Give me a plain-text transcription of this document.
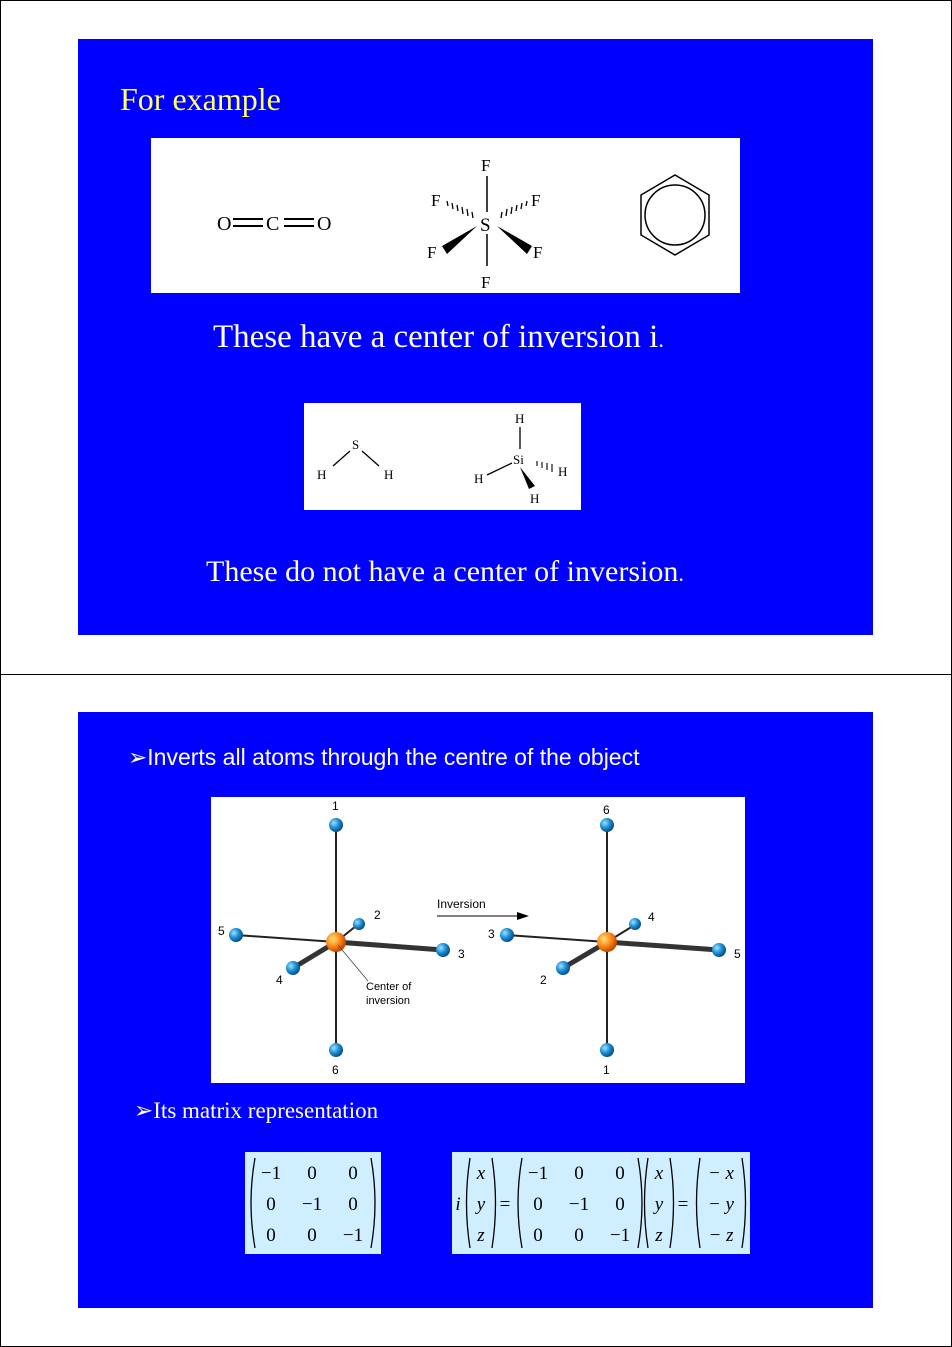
For example
O C O
F
S
F
F	F
F	F
These have a center of inversion i.
S
H	H
H
Si
H	H
H
These do not have a center of inversion.
➢Inverts all atoms through the centre of the object
1
6
5
3
2
4	Center of
inversion
Inversion
6
1
3
5
4
2
➢Its matrix representation
−1 0 0
0 −1 0
0 0 −1
i
x
y
z
=
−1 0 0
0 −1 0
0 0 −1
x
y
z
=
− x
− y
− z
